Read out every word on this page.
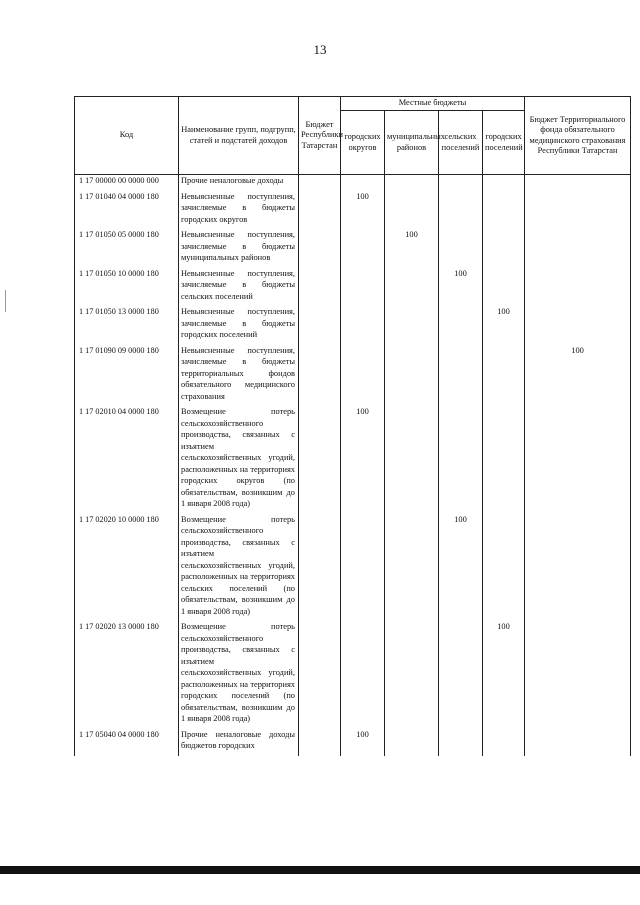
13
Код	Наименование групп, подгрупп, статей и подстатей доходов	Бюджет Республики Татарстан	Местные бюджеты				Бюджет Территориального фонда обязательного медицинского страхования Республики Татарстан
			городских округов	муниципальных районов	сельских поселений	городских поселений	
1 17 00000 00 0000 000	Прочие неналоговые доходы						
1 17 01040 04 0000 180	Невыясненные поступления, зачисляемые в бюджеты городских округов		100				
1 17 01050 05 0000 180	Невыясненные поступления, зачисляемые в бюджеты муниципальных районов			100			
1 17 01050 10 0000 180	Невыясненные поступления, зачисляемые в бюджеты сельских поселений				100		
1 17 01050 13 0000 180	Невыясненные поступления, зачисляемые в бюджеты городских поселений					100	
1 17 01090 09 0000 180	Невыясненные поступления, зачисляемые в бюджеты территориальных фондов обязательного медицинского страхования						100
1 17 02010 04 0000 180	Возмещение потерь сельскохозяйственного производства, связанных с изъятием сельскохозяйственных угодий, расположенных на территориях городских округов (по обязательствам, возникшим до 1 января 2008 года)		100				
1 17 02020 10 0000 180	Возмещение потерь сельскохозяйственного производства, связанных с изъятием сельскохозяйственных угодий, расположенных на территориях сельских поселений (по обязательствам, возникшим до 1 января 2008 года)				100		
1 17 02020 13 0000 180	Возмещение потерь сельскохозяйственного производства, связанных с изъятием сельскохозяйственных угодий, расположенных на территориях городских поселений (по обязательствам, возникшим до 1 января 2008 года)					100	
1 17 05040 04 0000 180	Прочие неналоговые доходы бюджетов городских		100				
